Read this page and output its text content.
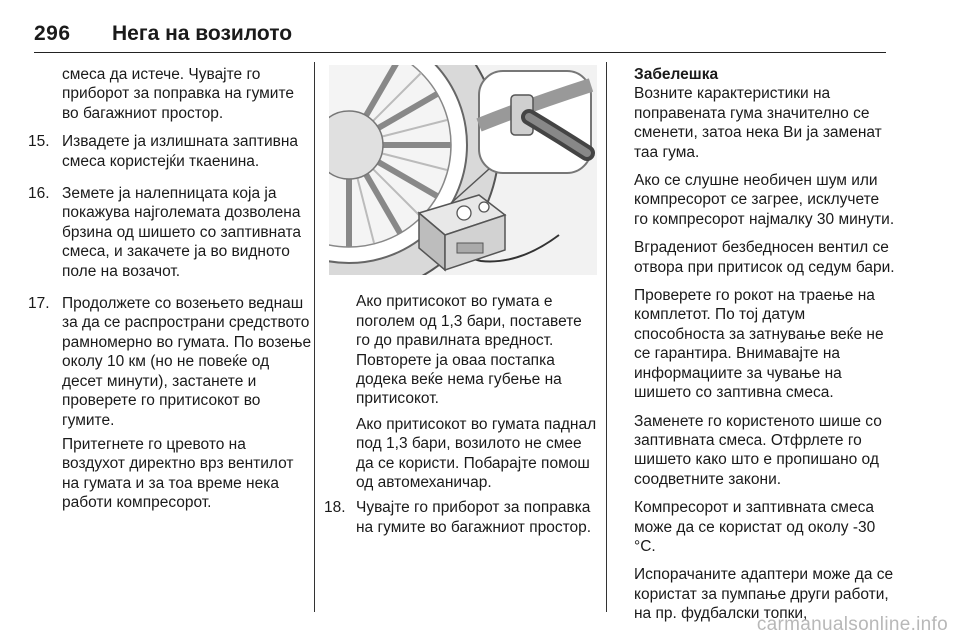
296 Нега на возилото

смеса да истече. Чувајте го приборот за поправка на гумите во багажниот простор.

15. Извадете ја излишната заптивна смеса користејќи ткаенина.

16. Земете ја налепницата која ја покажува најголемата дозволена брзина од шишето со заптивната смеса, и закачете ја во видното поле на возачот.

17. Продолжете со возењето веднаш за да се распространи средството рамномерно во гумата. По возење околу 10 км (но не повеќе од десет минути), застанете и проверете го притисокот во гумите.

Притегнете го цревото на воздухот директно врз вентилот на гумата и за тоа време нека работи компресорот.

Ако притисокот во гумата е поголем од 1,3 бари, поставете го до правилната вредност. Повторете ја оваа постапка додека веќе нема губење на притисокот.

Ако притисокот во гумата паднал под 1,3 бари, возилото не смее да се користи. Побарајте помош од автомеханичар.

18. Чувајте го приборот за поправка на гумите во багажниот простор.

Забелешка

Возните карактеристики на поправената гума значително се сменети, затоа нека Ви ја заменат таа гума.

Ако се слушне необичен шум или компресорот се загрее, исклучете го компресорот најмалку 30 минути.

Вградениот безбедносен вентил се отвора при притисок од седум бари.

Проверете го рокот на траење на комплетот. По тој датум способноста за затнување веќе не се гарантира. Внимавајте на информациите за чување на шишето со заптивна смеса.

Заменете го користеното шише со заптивната смеса. Отфрлете го шишето како што е пропишано од соодветните закони.

Компресорот и заптивната смеса може да се користат од околу -30 °C.

Испорачаните адаптери може да се користат за пумпање други работи, на пр. фудбалски топки,

carmanualsonline.info
